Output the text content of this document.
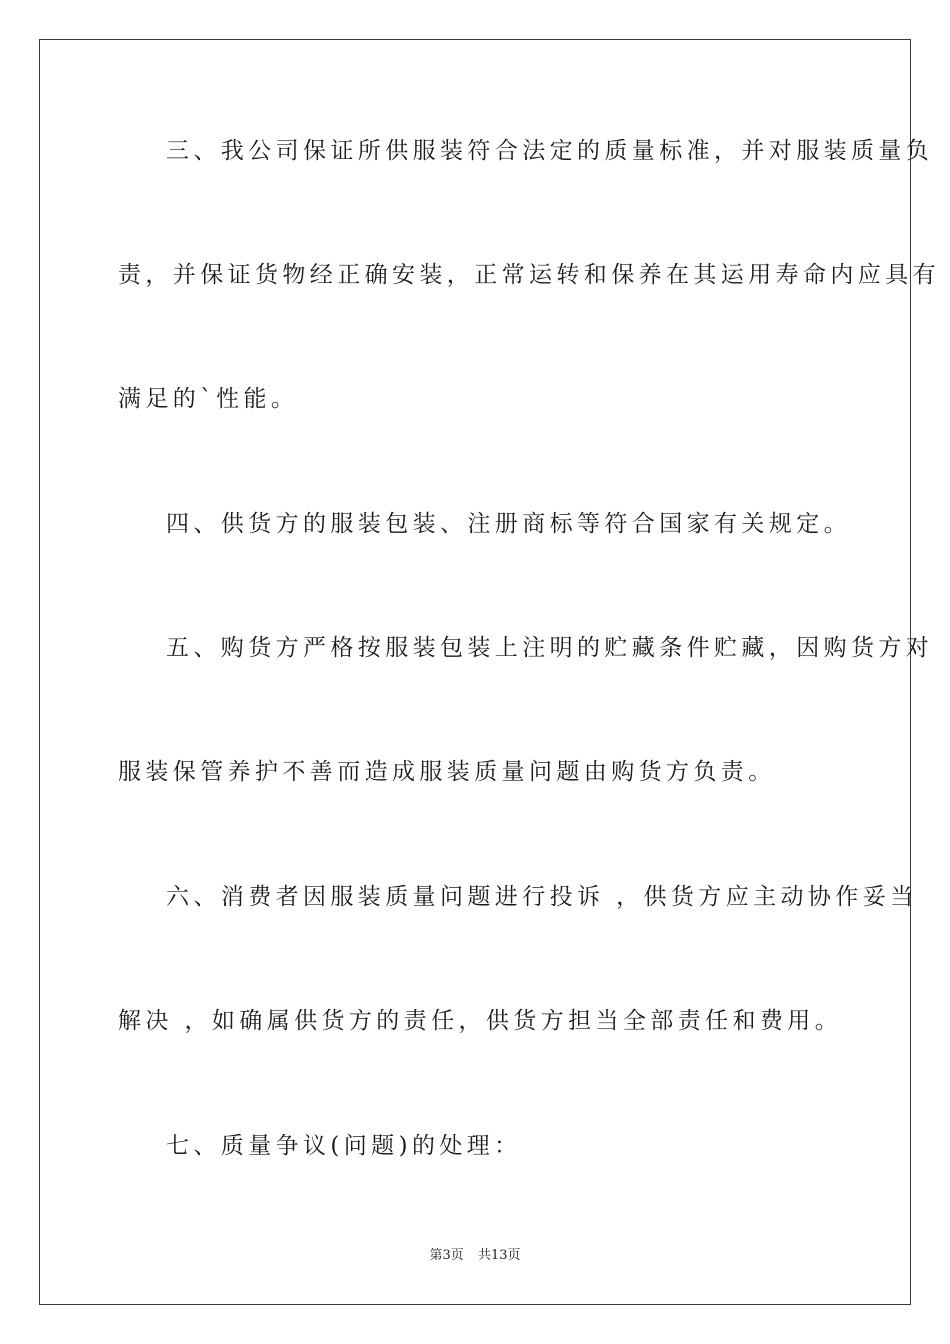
三、我公司保证所供服装符合法定的质量标准，并对服装质量负
责，并保证货物经正确安装，正常运转和保养在其运用寿命内应具有
满足的`性能。
四、供货方的服装包装、注册商标等符合国家有关规定。
五、购货方严格按服装包装上注明的贮藏条件贮藏，因购货方对
服装保管养护不善而造成服装质量问题由购货方负责。
六、消费者因服装质量问题进行投诉 ，供货方应主动协作妥当
解决 ，如确属供货方的责任，供货方担当全部责任和费用。
七、质量争议(问题)的处理：
第3页 共13页
